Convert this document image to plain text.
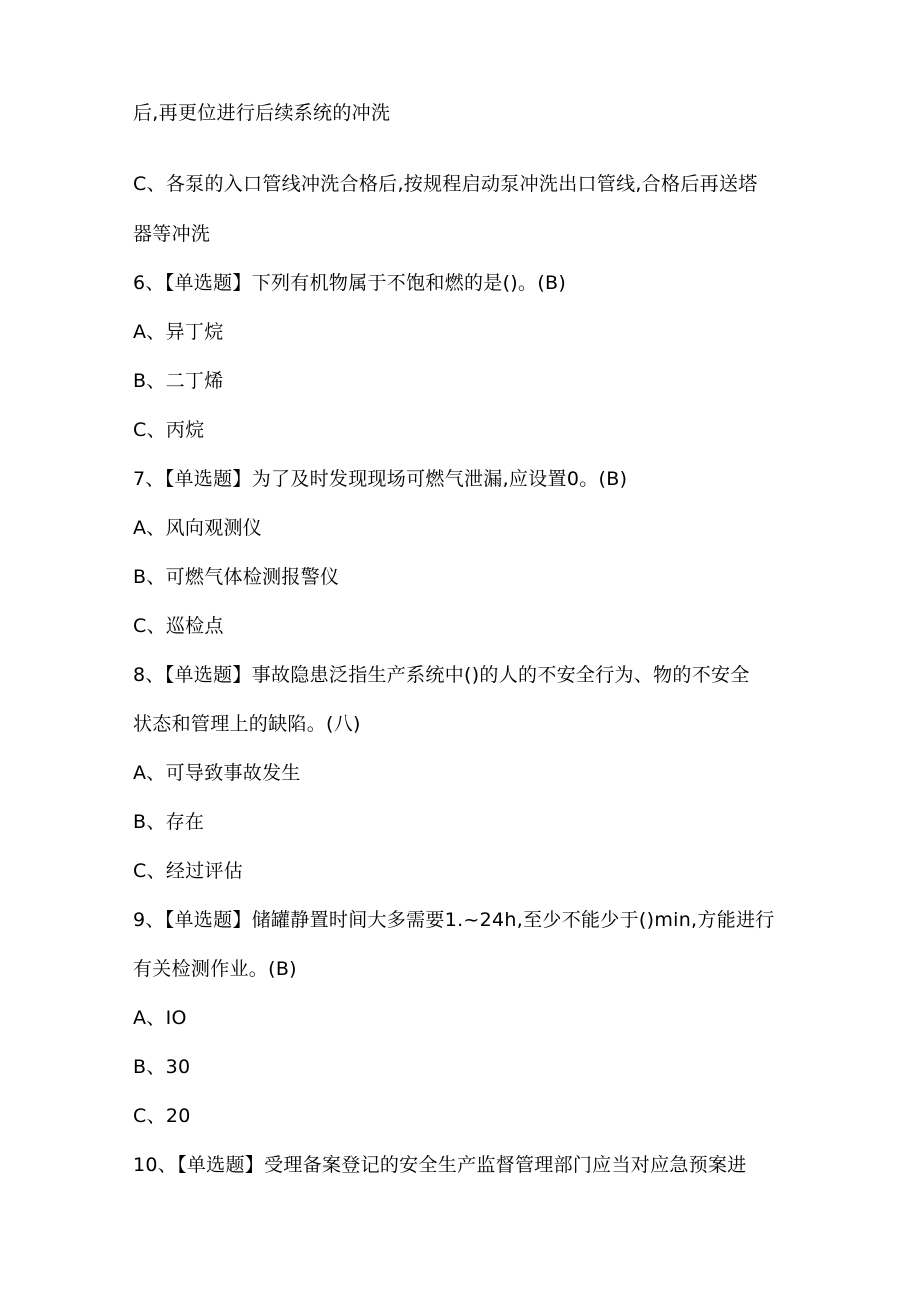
后,再更位进行后续系统的冲洗
C、各泵的入口管线冲洗合格后,按规程启动泵冲洗出口管线,合格后再送塔
器等冲洗
6、【单选题】下列有机物属于不饱和燃的是()。(B)
A、异丁烷
B、二丁烯
C、丙烷
7、【单选题】为了及时发现现场可燃气泄漏,应设置0。(B)
A、风向观测仪
B、可燃气体检测报警仪
C、巡检点
8、【单选题】事故隐患泛指生产系统中()的人的不安全行为、物的不安全
状态和管理上的缺陷。(八)
A、可导致事故发生
B、存在
C、经过评估
9、【单选题】储罐静置时间大多需要1.~24h,至少不能少于()min,方能进行
有关检测作业。(B)
A、IO
B、30
C、20
10、【单选题】受理备案登记的安全生产监督管理部门应当对应急预案进
